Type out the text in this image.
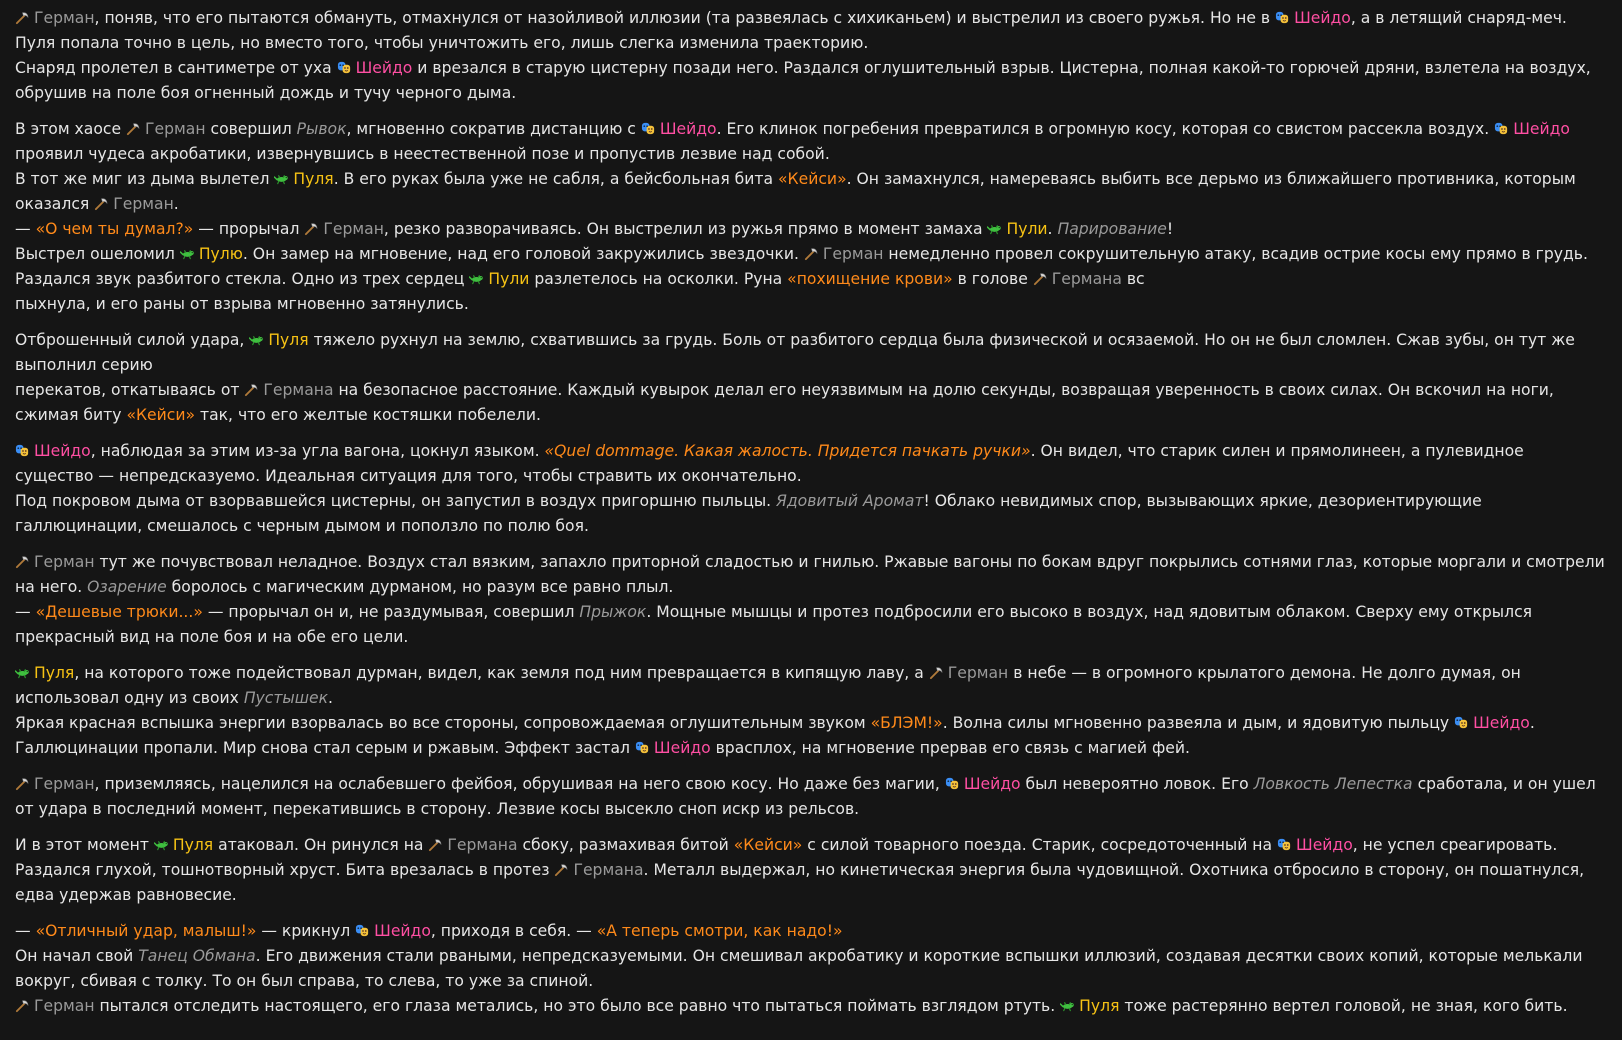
Герман, поняв, что его пытаются обмануть, отмахнулся от назойливой иллюзии (та развеялась с хихиканьем) и выстрелил из своего ружья. Но не в Шейдо, а в летящий снаряд-меч.
Пуля попала точно в цель, но вместо того, чтобы уничтожить его, лишь слегка изменила траекторию.
Снаряд пролетел в сантиметре от уха Шейдо и врезался в старую цистерну позади него. Раздался оглушительный взрыв. Цистерна, полная какой-то горючей дряни, взлетела на воздух, обрушив на поле боя огненный дождь и тучу черного дыма.
В этом хаосе Герман совершил Рывок, мгновенно сократив дистанцию с Шейдо. Его клинок погребения превратился в огромную косу, которая со свистом рассекла воздух. Шейдо проявил чудеса акробатики, извернувшись в неестественной позе и пропустив лезвие над собой.
В тот же миг из дыма вылетел Пуля. В его руках была уже не сабля, а бейсбольная бита «Кейси». Он замахнулся, намереваясь выбить все дерьмо из ближайшего противника, которым оказался Герман.
— «О чем ты думал?» — прорычал Герман, резко разворачиваясь. Он выстрелил из ружья прямо в момент замаха Пули. Парирование!
Выстрел ошеломил Пулю. Он замер на мгновение, над его головой закружились звездочки. Герман немедленно провел сокрушительную атаку, всадив острие косы ему прямо в грудь.
Раздался звук разбитого стекла. Одно из трех сердец Пули разлетелось на осколки. Руна «похищение крови» в голове Германа вс
пыхнула, и его раны от взрыва мгновенно затянулись.
Отброшенный силой удара, Пуля тяжело рухнул на землю, схватившись за грудь. Боль от разбитого сердца была физической и осязаемой. Но он не был сломлен. Сжав зубы, он тут же выполнил серию
перекатов, откатываясь от Германа на безопасное расстояние. Каждый кувырок делал его неуязвимым на долю секунды, возвращая уверенность в своих силах. Он вскочил на ноги, сжимая биту «Кейси» так, что его желтые костяшки побелели.
Шейдо, наблюдая за этим из-за угла вагона, цокнул языком. «Quel dommage. Какая жалость. Придется пачкать ручки». Он видел, что старик силен и прямолинеен, а пулевидное существо — непредсказуемо. Идеальная ситуация для того, чтобы стравить их окончательно.
Под покровом дыма от взорвавшейся цистерны, он запустил в воздух пригоршню пыльцы. Ядовитый Аромат! Облако невидимых спор, вызывающих яркие, дезориентирующие галлюцинации, смешалось с черным дымом и поползло по полю боя.
Герман тут же почувствовал неладное. Воздух стал вязким, запахло приторной сладостью и гнилью. Ржавые вагоны по бокам вдруг покрылись сотнями глаз, которые моргали и смотрели на него. Озарение боролось с магическим дурманом, но разум все равно плыл.
— «Дешевые трюки...» — прорычал он и, не раздумывая, совершил Прыжок. Мощные мышцы и протез подбросили его высоко в воздух, над ядовитым облаком. Сверху ему открылся прекрасный вид на поле боя и на обе его цели.
Пуля, на которого тоже подействовал дурман, видел, как земля под ним превращается в кипящую лаву, а Герман в небе — в огромного крылатого демона. Не долго думая, он использовал одну из своих Пустышек.
Яркая красная вспышка энергии взорвалась во все стороны, сопровождаемая оглушительным звуком «БЛЭМ!». Волна силы мгновенно развеяла и дым, и ядовитую пыльцу Шейдо.
Галлюцинации пропали. Мир снова стал серым и ржавым. Эффект застал Шейдо врасплох, на мгновение прервав его связь с магией фей.
Герман, приземляясь, нацелился на ослабевшего фейбоя, обрушивая на него свою косу. Но даже без магии, Шейдо был невероятно ловок. Его Ловкость Лепестка сработала, и он ушел от удара в последний момент, перекатившись в сторону. Лезвие косы высекло сноп искр из рельсов.
И в этот момент Пуля атаковал. Он ринулся на Германа сбоку, размахивая битой «Кейси» с силой товарного поезда. Старик, сосредоточенный на Шейдо, не успел среагировать.
Раздался глухой, тошнотворный хруст. Бита врезалась в протез Германа. Металл выдержал, но кинетическая энергия была чудовищной. Охотника отбросило в сторону, он пошатнулся, едва удержав равновесие.
— «Отличный удар, малыш!» — крикнул Шейдо, приходя в себя. — «А теперь смотри, как надо!»
Он начал свой Танец Обмана. Его движения стали рваными, непредсказуемыми. Он смешивал акробатику и короткие вспышки иллюзий, создавая десятки своих копий, которые мелькали вокруг, сбивая с толку. То он был справа, то слева, то уже за спиной.
Герман пытался отследить настоящего, его глаза метались, но это было все равно что пытаться поймать взглядом ртуть. Пуля тоже растерянно вертел головой, не зная, кого бить.
